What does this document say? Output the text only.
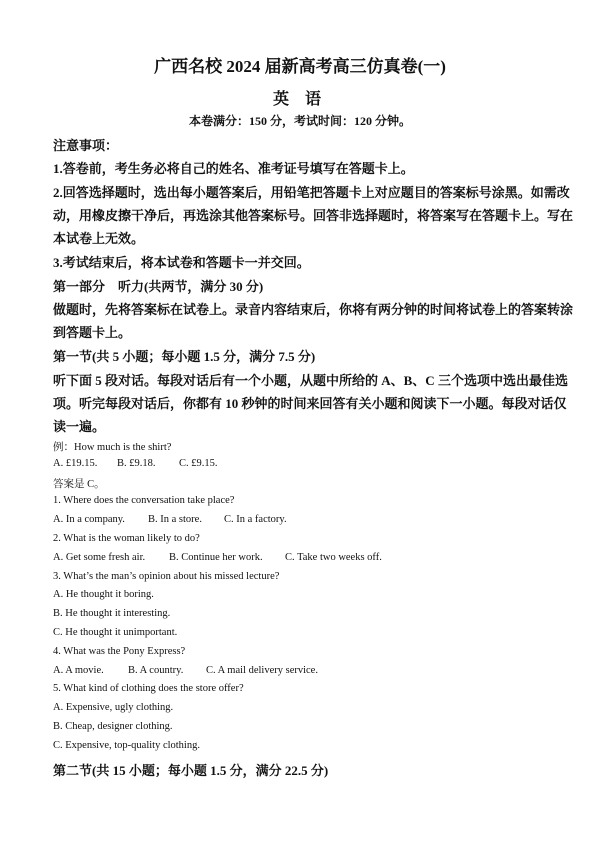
广西名校 2024 届新高考高三仿真卷(一)
英 语
本卷满分：150 分，考试时间：120 分钟。
注意事项：
1.答卷前，考生务必将自己的姓名、准考证号填写在答题卡上。
2.回答选择题时，选出每小题答案后，用铅笔把答题卡上对应题目的答案标号涂黑。如需改
动，用橡皮擦干净后，再选涂其他答案标号。回答非选择题时，将答案写在答题卡上。写在
本试卷上无效。
3.考试结束后，将本试卷和答题卡一并交回。
第一部分　听力(共两节，满分 30 分)
做题时，先将答案标在试卷上。录音内容结束后，你将有两分钟的时间将试卷上的答案转涂
到答题卡上。
第一节(共 5 小题；每小题 1.5 分，满分 7.5 分)
听下面 5 段对话。每段对话后有一个小题，从题中所给的 A、B、C 三个选项中选出最佳选
项。听完每段对话后，你都有 10 秒钟的时间来回答有关小题和阅读下一小题。每段对话仅
读一遍。
例：How much is the shirt?
A. £19.15. B. £9.18. C. £9.15.
答案是 C。
1. Where does the conversation take place?
A. In a company. B. In a store. C. In a factory.
2. What is the woman likely to do?
A. Get some fresh air. B. Continue her work. C. Take two weeks off.
3. What’s the man’s opinion about his missed lecture?
A. He thought it boring.
B. He thought it interesting.
C. He thought it unimportant.
4. What was the Pony Express?
A. A movie. B. A country. C. A mail delivery service.
5. What kind of clothing does the store offer?
A. Expensive, ugly clothing.
B. Cheap, designer clothing.
C. Expensive, top-quality clothing.
第二节(共 15 小题；每小题 1.5 分，满分 22.5 分)
